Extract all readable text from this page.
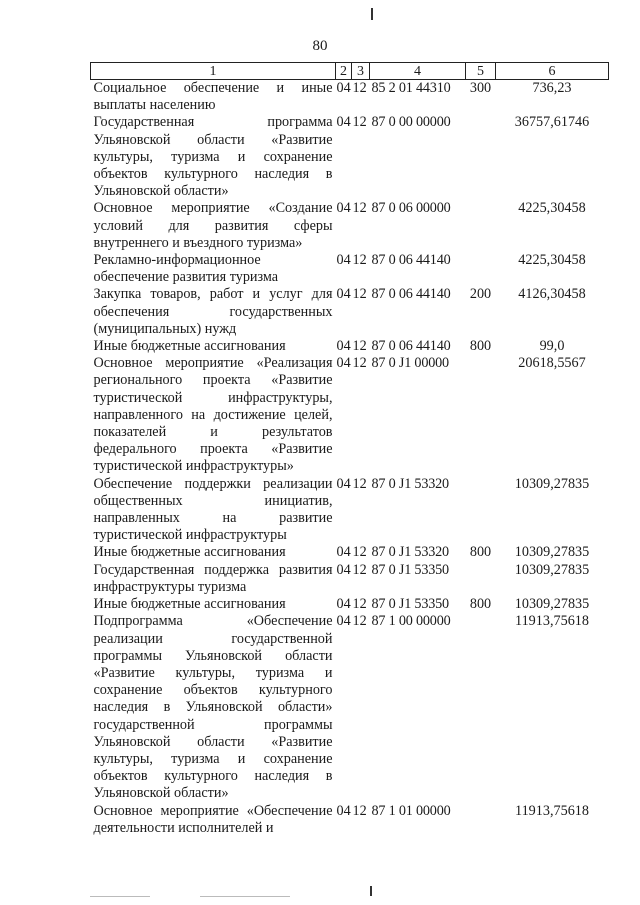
80
1	2	3	4	5	6
Социальное обеспечение и иные выплаты населению	04	12	85 2 01 44310	300	736,23
Государственная программа Ульяновской области «Развитие культуры, туризма и сохранение объектов культурного наследия в Ульяновской области»	04	12	87 0 00 00000		36757,61746
Основное мероприятие «Создание условий для развития сферы внутреннего и въездного туризма»	04	12	87 0 06 00000		4225,30458
Рекламно-информационное обеспечение развития туризма	04	12	87 0 06 44140		4225,30458
Закупка товаров, работ и услуг для обеспечения государственных (муниципальных) нужд	04	12	87 0 06 44140	200	4126,30458
Иные бюджетные ассигнования	04	12	87 0 06 44140	800	99,0
Основное мероприятие «Реализация регионального проекта «Развитие туристической инфраструктуры, направленного на достижение целей, показателей и результатов федерального проекта «Развитие туристической инфраструктуры»	04	12	87 0 J1 00000		20618,5567
Обеспечение поддержки реализации общественных инициатив, направленных на развитие туристической инфраструктуры	04	12	87 0 J1 53320		10309,27835
Иные бюджетные ассигнования	04	12	87 0 J1 53320	800	10309,27835
Государственная поддержка развития инфраструктуры туризма	04	12	87 0 J1 53350		10309,27835
Иные бюджетные ассигнования	04	12	87 0 J1 53350	800	10309,27835
Подпрограмма «Обеспечение реализации государственной программы Ульяновской области «Развитие культуры, туризма и сохранение объектов культурного наследия в Ульяновской области» государственной программы Ульяновской области «Развитие культуры, туризма и сохранение объектов культурного наследия в Ульяновской области»	04	12	87 1 00 00000		11913,75618
Основное мероприятие «Обеспечение деятельности исполнителей и	04	12	87 1 01 00000		11913,75618
